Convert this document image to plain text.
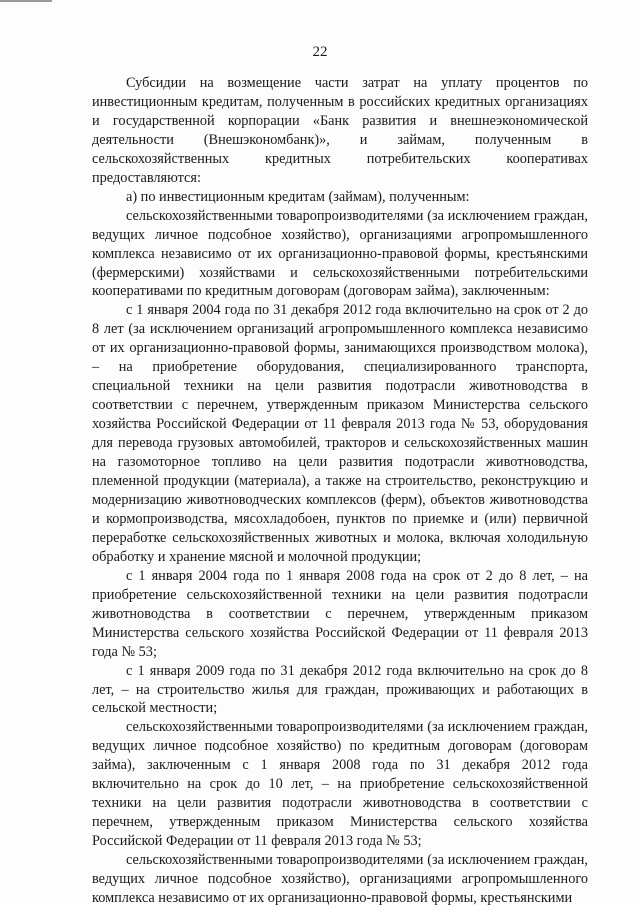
22

Субсидии на возмещение части затрат на уплату процентов по инвестиционным кредитам, полученным в российских кредитных организациях и государственной корпорации «Банк развития и внешнеэкономической деятельности (Внешэкономбанк)», и займам, полученным в сельскохозяйственных кредитных потребительских кооперативах предоставляются:

а) по инвестиционным кредитам (займам), полученным:

сельскохозяйственными товаропроизводителями (за исключением граждан, ведущих личное подсобное хозяйство), организациями агропромышленного комплекса независимо от их организационно-правовой формы, крестьянскими (фермерскими) хозяйствами и сельскохозяйственными потребительскими кооперативами по кредитным договорам (договорам займа), заключенным:

с 1 января 2004 года по 31 декабря 2012 года включительно на срок от 2 до 8 лет (за исключением организаций агропромышленного комплекса независимо от их организационно-правовой формы, занимающихся производством молока), – на приобретение оборудования, специализированного транспорта, специальной техники на цели развития подотрасли животноводства в соответствии с перечнем, утвержденным приказом Министерства сельского хозяйства Российской Федерации от 11 февраля 2013 года № 53, оборудования для перевода грузовых автомобилей, тракторов и сельскохозяйственных машин на газомоторное топливо на цели развития подотрасли животноводства, племенной продукции (материала), а также на строительство, реконструкцию и модернизацию животноводческих комплексов (ферм), объектов животноводства и кормопроизводства, мясохладобоен, пунктов по приемке и (или) первичной переработке сельскохозяйственных животных и молока, включая холодильную обработку и хранение мясной и молочной продукции;

с 1 января 2004 года по 1 января 2008 года на срок от 2 до 8 лет, – на приобретение сельскохозяйственной техники на цели развития подотрасли животноводства в соответствии с перечнем, утвержденным приказом Министерства сельского хозяйства Российской Федерации от 11 февраля 2013 года № 53;

с 1 января 2009 года по 31 декабря 2012 года включительно на срок до 8 лет, – на строительство жилья для граждан, проживающих и работающих в сельской местности;

сельскохозяйственными товаропроизводителями (за исключением граждан, ведущих личное подсобное хозяйство) по кредитным договорам (договорам займа), заключенным с 1 января 2008 года по 31 декабря 2012 года включительно на срок до 10 лет, – на приобретение сельскохозяйственной техники на цели развития подотрасли животноводства в соответствии с перечнем, утвержденным приказом Министерства сельского хозяйства Российской Федерации от 11 февраля 2013 года № 53;

сельскохозяйственными товаропроизводителями (за исключением граждан, ведущих личное подсобное хозяйство), организациями агропромышленного комплекса независимо от их организационно-правовой формы, крестьянскими
